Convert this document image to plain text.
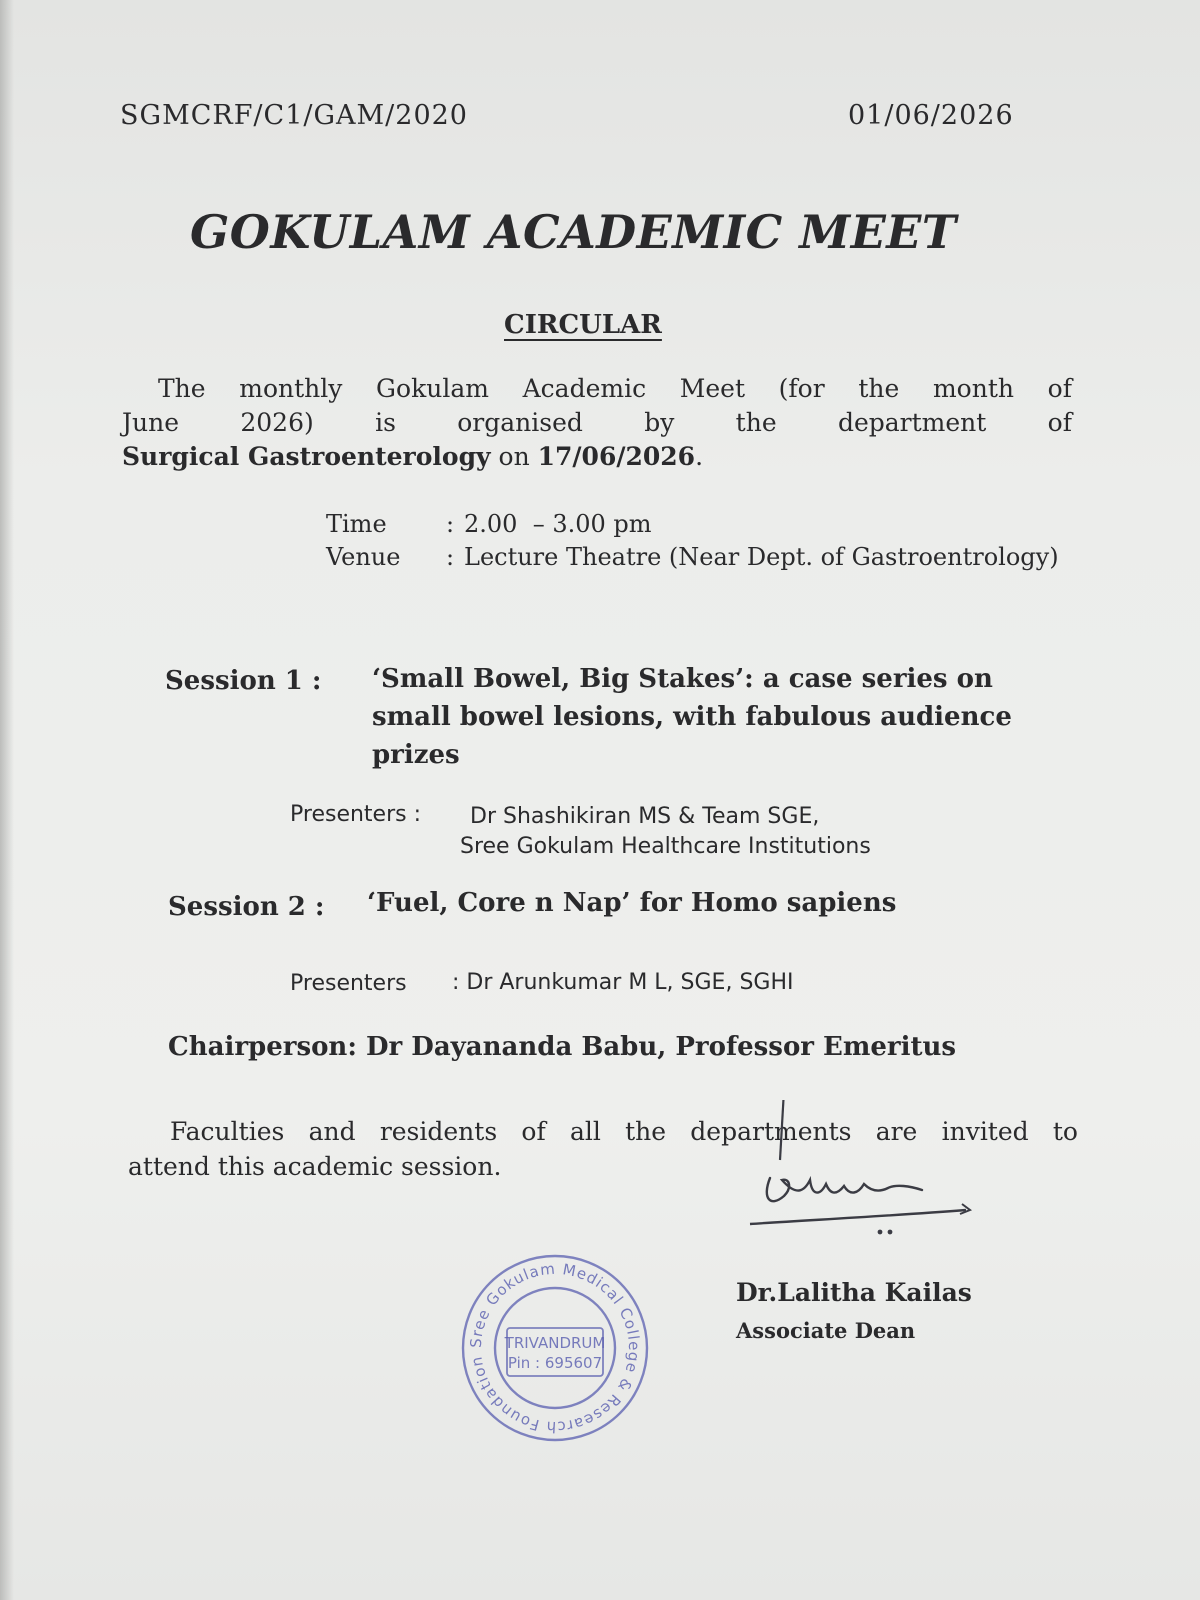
SGMCRF/C1/GAM/2020	01/06/2026
GOKULAM ACADEMIC MEET
CIRCULAR
The monthly Gokulam Academic Meet (for the month of
June 2026) is organised by the department of
Surgical Gastroenterology on 17/06/2026.
Time	: 2.00  – 3.00 pm
Venue	: Lecture Theatre (Near Dept. of Gastroentrology)
Session 1 : ‘Small Bowel, Big Stakes’: a case series on small bowel lesions, with fabulous audience prizes
Presenters : Dr Shashikiran MS & Team SGE,
Sree Gokulam Healthcare Institutions
Session 2 : ‘Fuel, Core n Nap’ for Homo sapiens
Presenters : Dr Arunkumar M L, SGE, SGHI
Chairperson: Dr Dayananda Babu, Professor Emeritus
Faculties and residents of all the departments are invited to
attend this academic session.
Dr.Lalitha Kailas
Associate Dean
Sree Gokulam Medical College & Research Foundation
TRIVANDRUM
Pin : 695607
